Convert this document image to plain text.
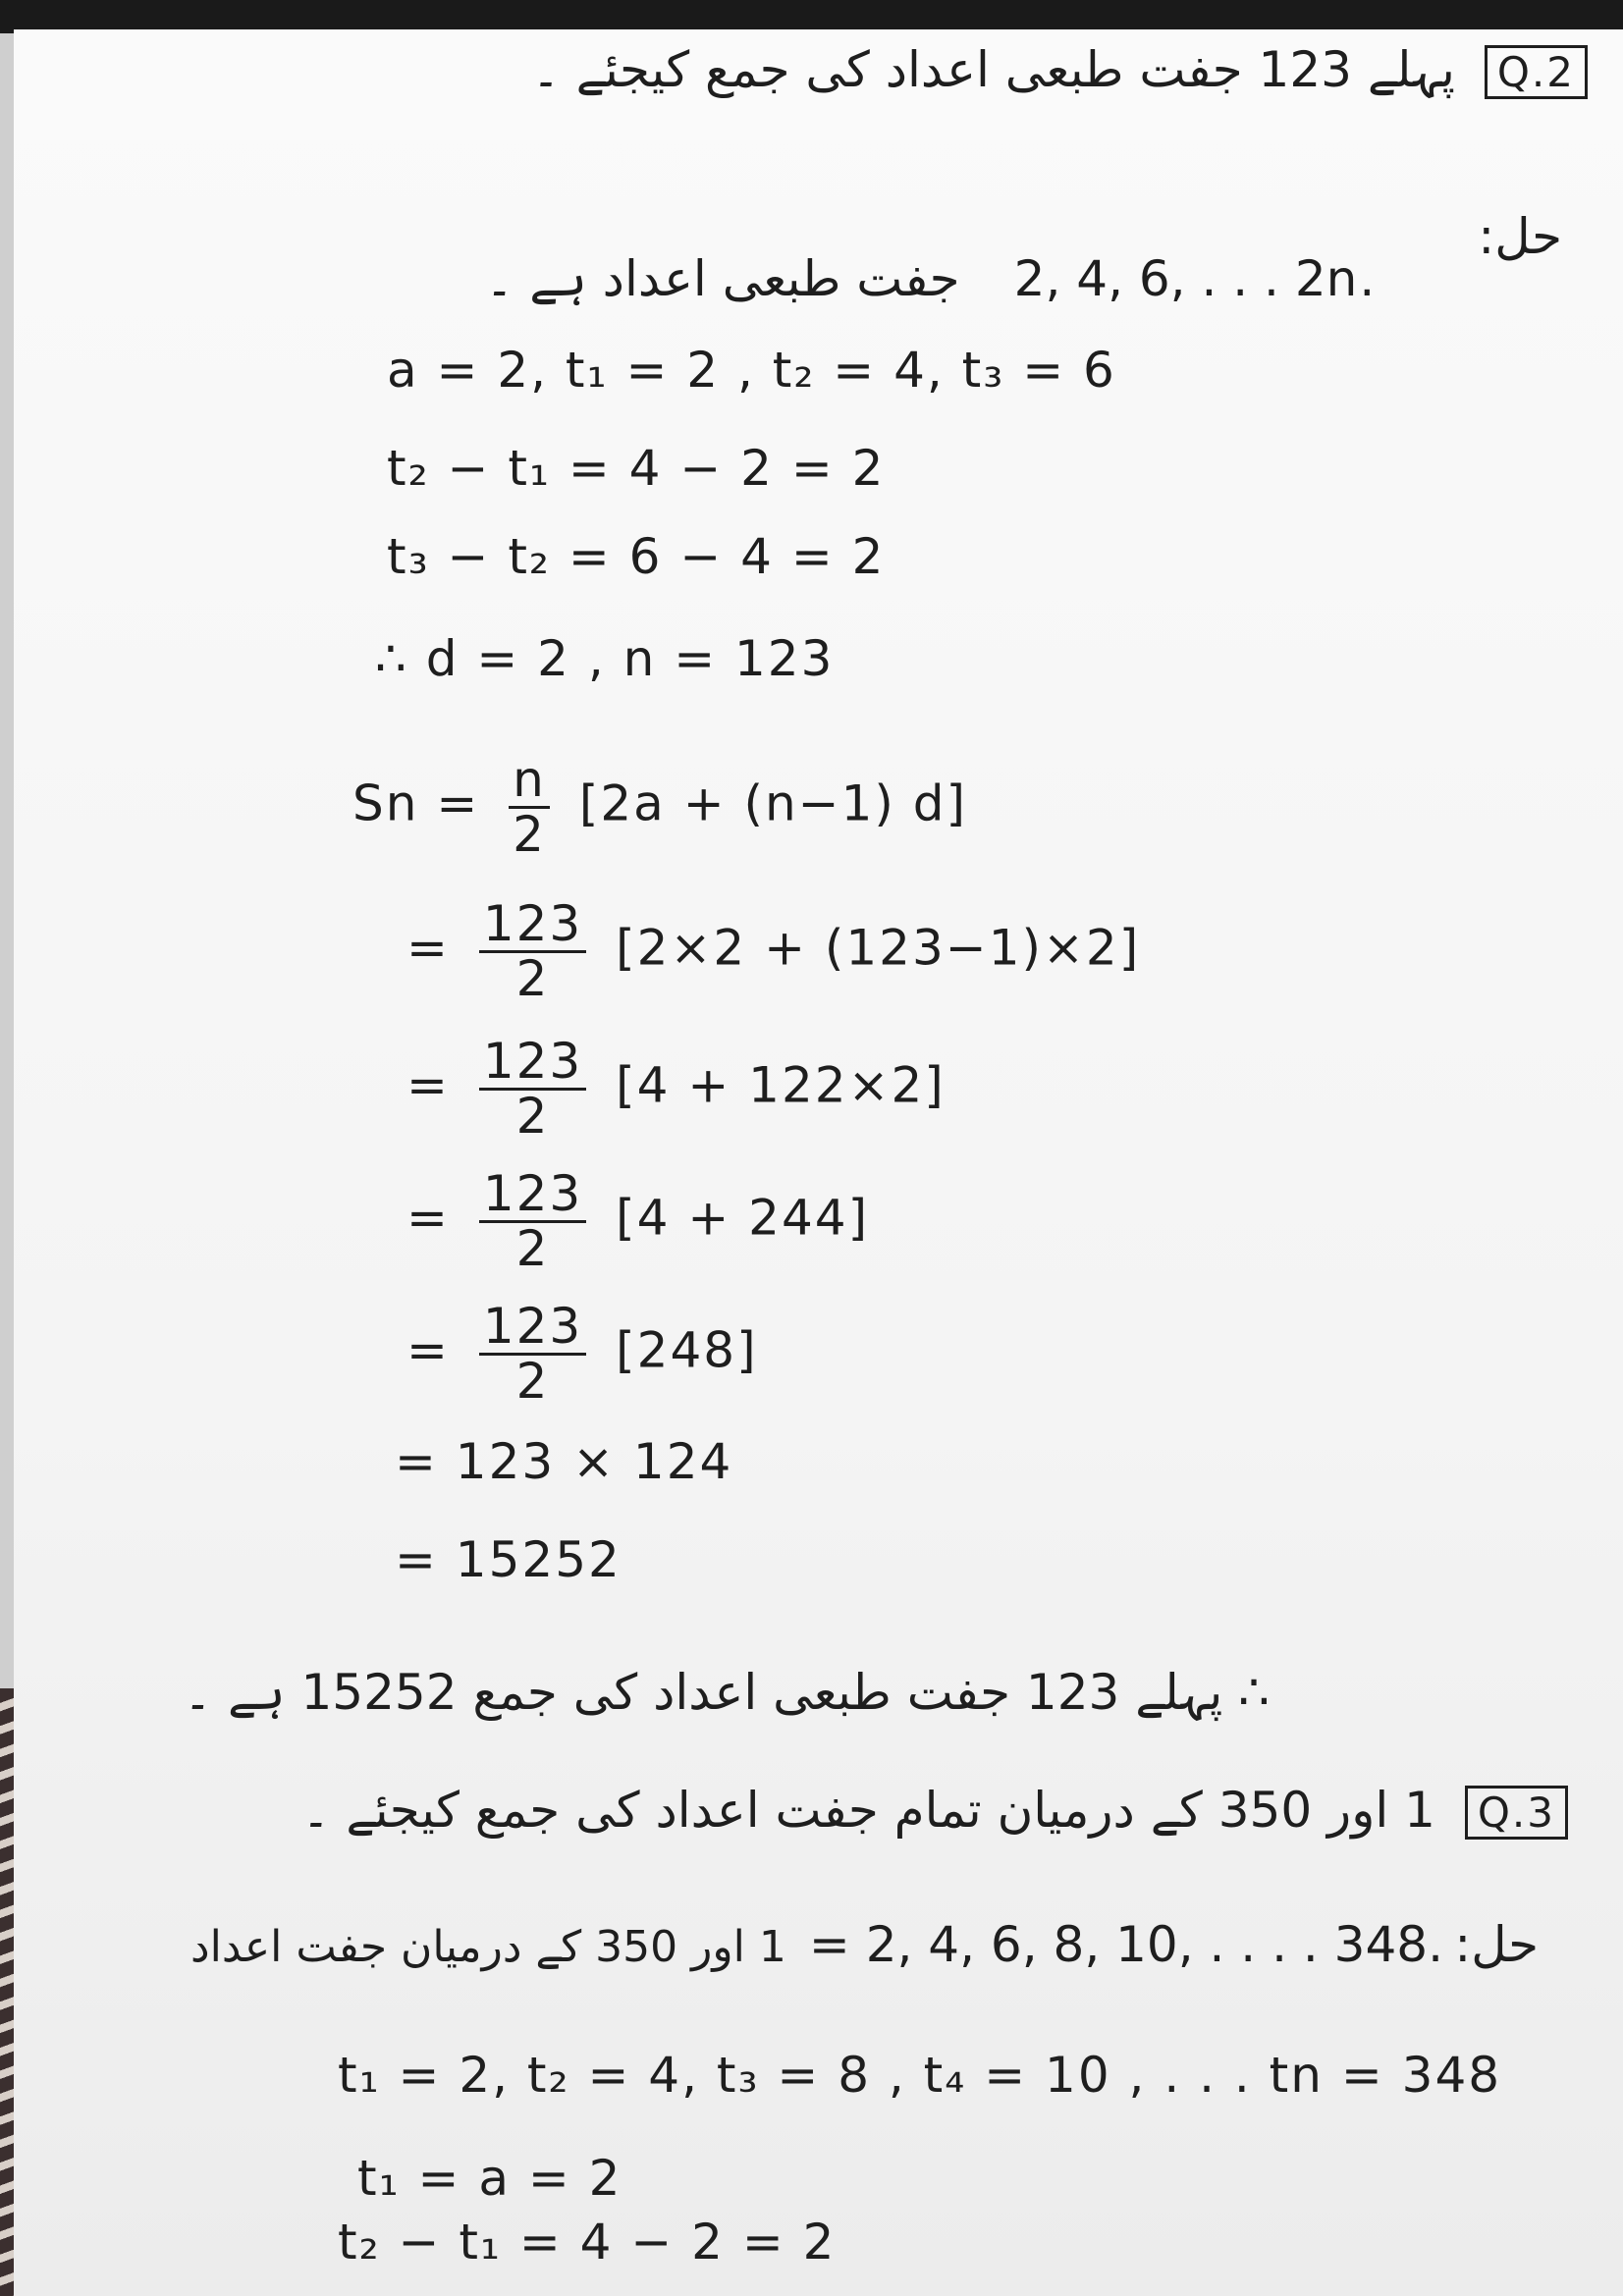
Q.2 پہلے 123 جفت طبعی اعداد کی جمع کیجئے ۔
حل:
جفت طبعی اعداد ہے ۔ 2, 4, 6, . . . 2n.
a = 2, t₁ = 2 , t₂ = 4, t₃ = 6
t₂ − t₁ = 4 − 2 = 2
t₃ − t₂ = 6 − 4 = 2
∴ d = 2 , n = 123
$Sn = \frac{n}{2} [2a + (n-1)$ d]
= $\frac{123}{2} [2\times 2 + (123-1)\times 2]$
= $\frac{123}{2} [4 + 122\times 2]$
= $\frac{123}{2} [4 + 244]$
= $\frac{123}{2} [248]$
= 123 × 124
= 15252
∴ پہلے 123 جفت طبعی اعداد کی جمع 15252 ہے ۔
Q.3 1 اور 350 کے درمیان تمام جفت اعداد کی جمع کیجئے ۔
حل:
1 اور 350 کے درمیان جفت اعداد = 2, 4, 6, 8, 10, . . . . 348.
t₁ = 2, t₂ = 4, t₃ = 8 , t₄ = 10 , . . . tn = 348
t₁ = a = 2
t₂ − t₁ = 4 − 2 = 2
